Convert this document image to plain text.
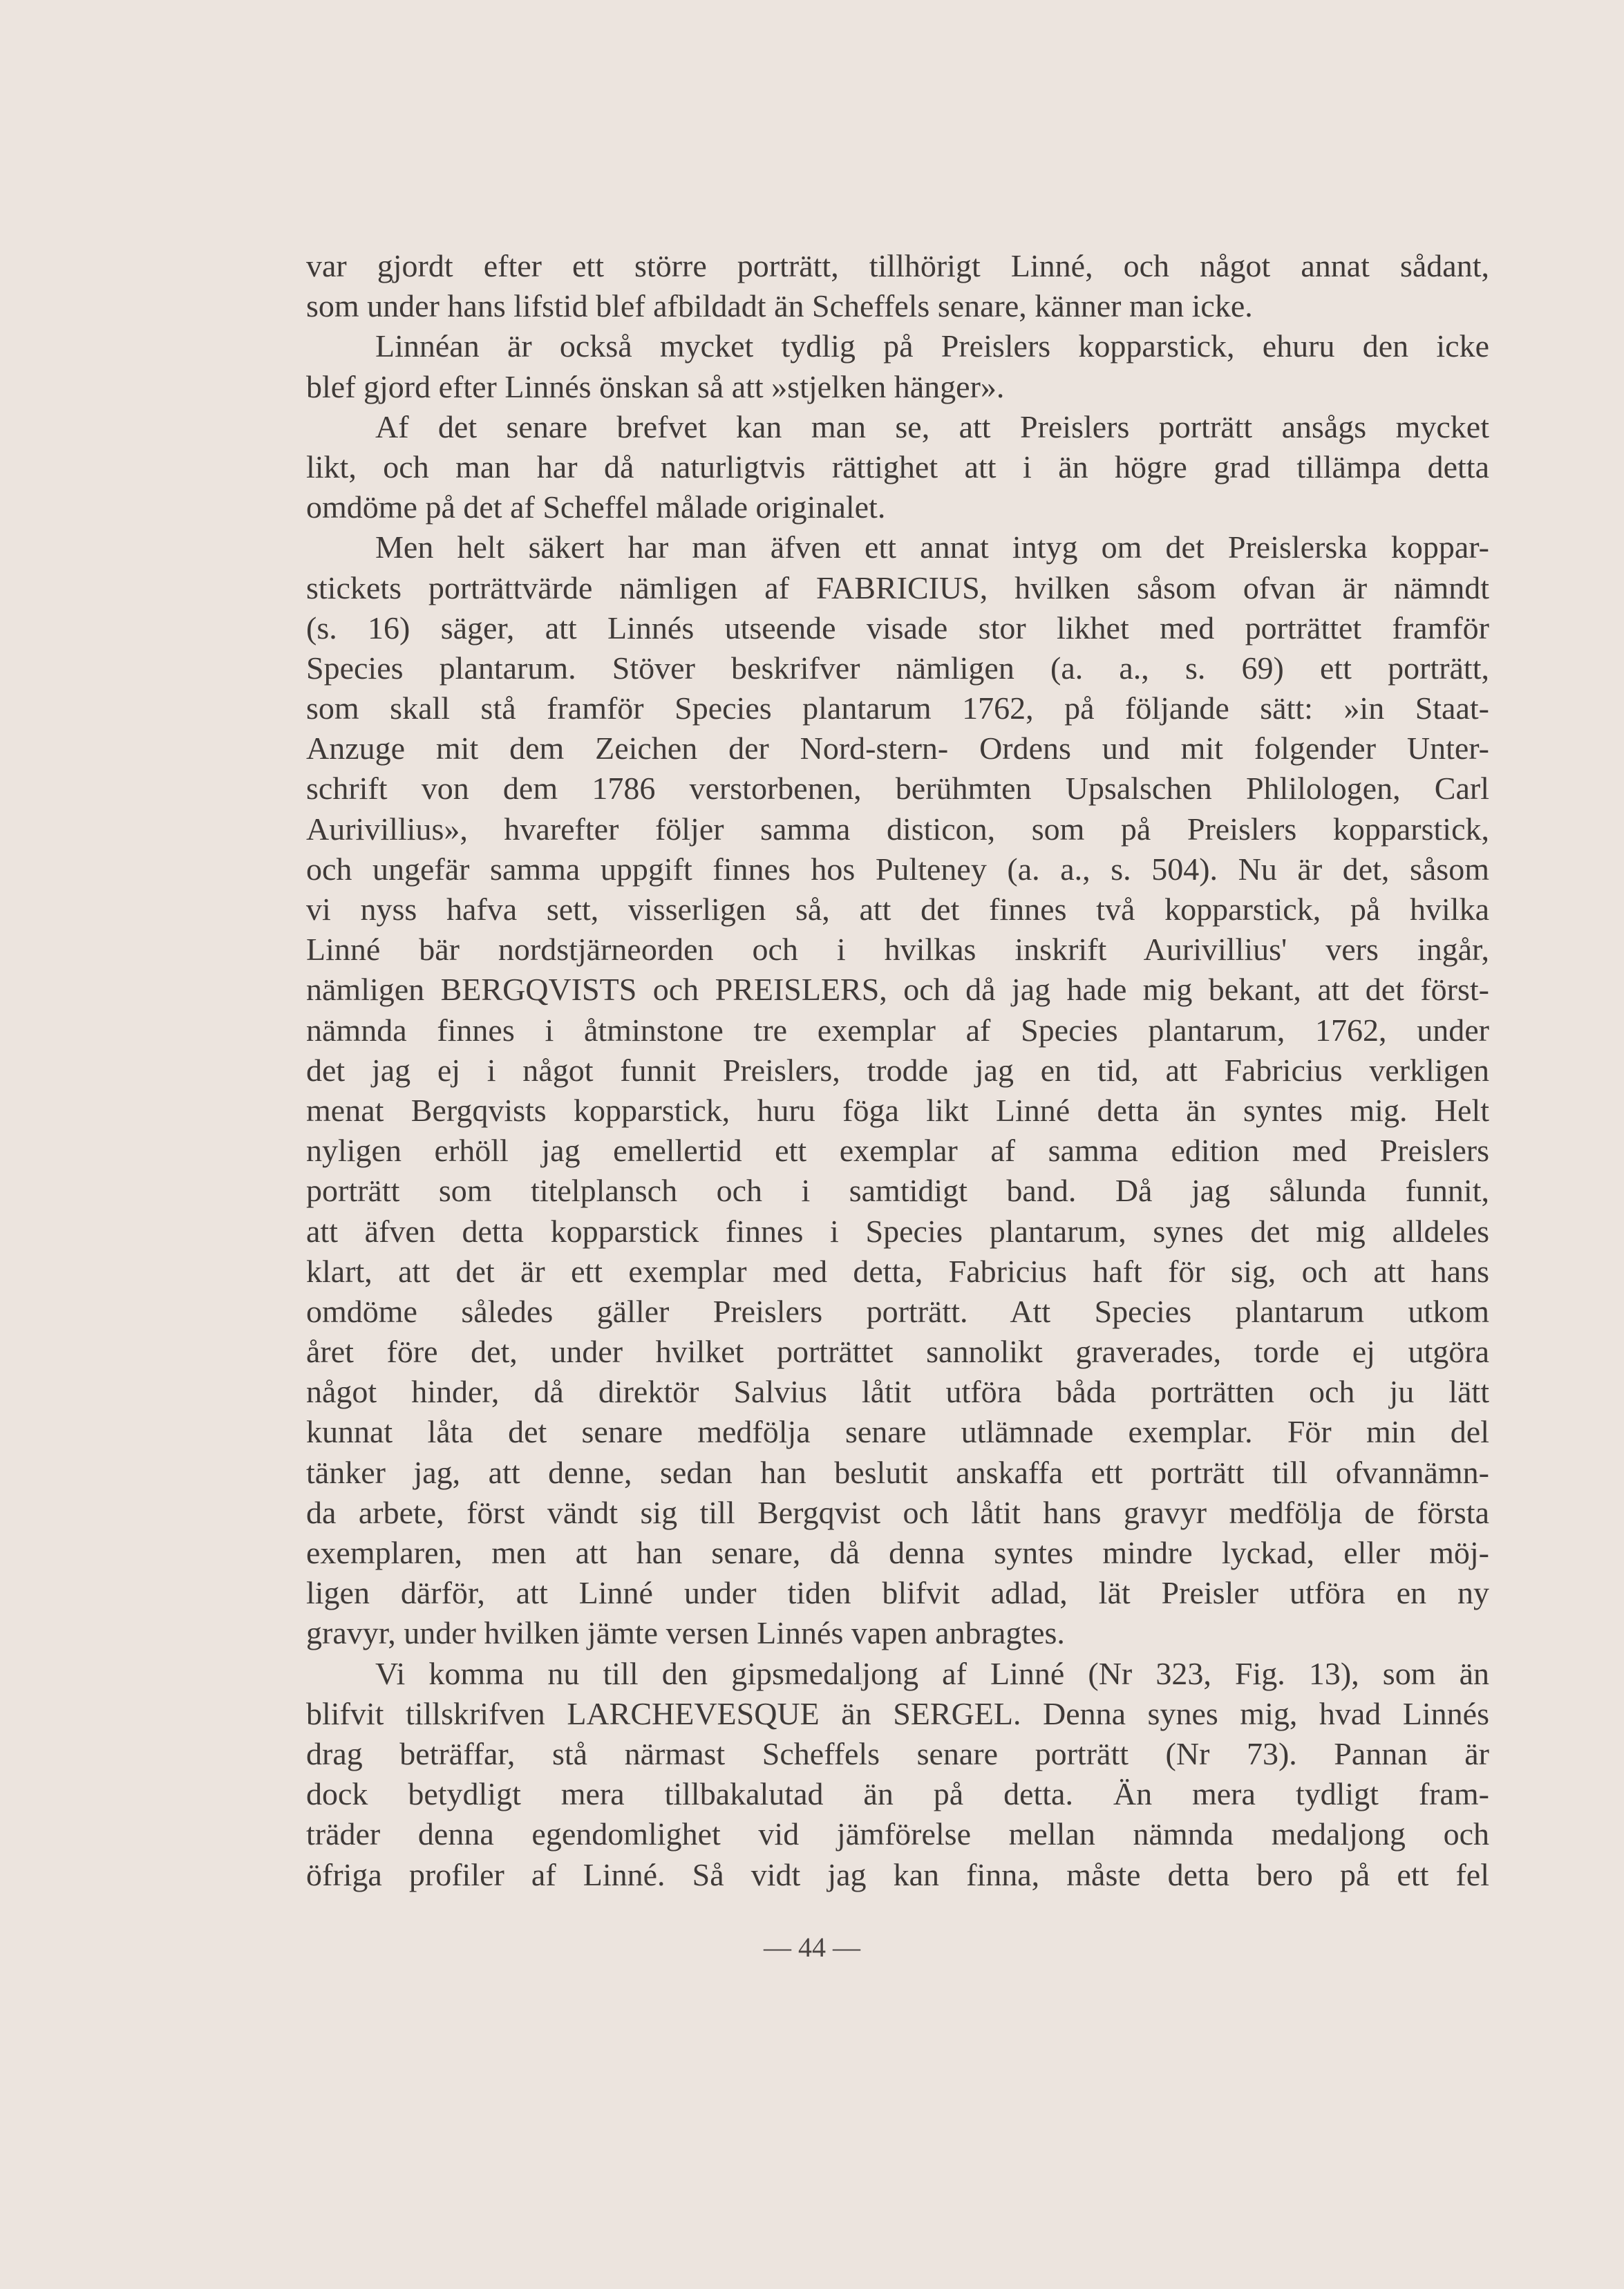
var gjordt efter ett större porträtt, tillhörigt Linné, och något annat sådant,
som under hans lifstid blef afbildadt än Scheffels senare, känner man icke.
Linnéan är också mycket tydlig på Preislers kopparstick, ehuru den icke
blef gjord efter Linnés önskan så att »stjelken hänger».
Af det senare brefvet kan man se, att Preislers porträtt ansågs mycket
likt, och man har då naturligtvis rättighet att i än högre grad tillämpa detta
omdöme på det af Scheffel målade originalet.
Men helt säkert har man äfven ett annat intyg om det Preislerska koppar-
stickets porträttvärde nämligen af FABRICIUS, hvilken såsom ofvan är nämndt
(s. 16) säger, att Linnés utseende visade stor likhet med porträttet framför
Species plantarum. Stöver beskrifver nämligen (a. a., s. 69) ett porträtt,
som skall stå framför Species plantarum 1762, på följande sätt: »in Staat-
Anzuge mit dem Zeichen der Nord-stern- Ordens und mit folgender Unter-
schrift von dem 1786 verstorbenen, berühmten Upsalschen Phlilologen, Carl
Aurivillius», hvarefter följer samma disticon, som på Preislers kopparstick,
och ungefär samma uppgift finnes hos Pulteney (a. a., s. 504). Nu är det, såsom
vi nyss hafva sett, visserligen så, att det finnes två kopparstick, på hvilka
Linné bär nordstjärneorden och i hvilkas inskrift Aurivillius' vers ingår,
nämligen BERGQVISTS och PREISLERS, och då jag hade mig bekant, att det först-
nämnda finnes i åtminstone tre exemplar af Species plantarum, 1762, under
det jag ej i något funnit Preislers, trodde jag en tid, att Fabricius verkligen
menat Bergqvists kopparstick, huru föga likt Linné detta än syntes mig. Helt
nyligen erhöll jag emellertid ett exemplar af samma edition med Preislers
porträtt som titelplansch och i samtidigt band. Då jag sålunda funnit,
att äfven detta kopparstick finnes i Species plantarum, synes det mig alldeles
klart, att det är ett exemplar med detta, Fabricius haft för sig, och att hans
omdöme således gäller Preislers porträtt. Att Species plantarum utkom
året före det, under hvilket porträttet sannolikt graverades, torde ej utgöra
något hinder, då direktör Salvius låtit utföra båda porträtten och ju lätt
kunnat låta det senare medfölja senare utlämnade exemplar. För min del
tänker jag, att denne, sedan han beslutit anskaffa ett porträtt till ofvannämn-
da arbete, först vändt sig till Bergqvist och låtit hans gravyr medfölja de första
exemplaren, men att han senare, då denna syntes mindre lyckad, eller möj-
ligen därför, att Linné under tiden blifvit adlad, lät Preisler utföra en ny
gravyr, under hvilken jämte versen Linnés vapen anbragtes.
Vi komma nu till den gipsmedaljong af Linné (Nr 323, Fig. 13), som än
blifvit tillskrifven LARCHEVESQUE än SERGEL. Denna synes mig, hvad Linnés
drag beträffar, stå närmast Scheffels senare porträtt (Nr 73). Pannan är
dock betydligt mera tillbakalutad än på detta. Än mera tydligt fram-
träder denna egendomlighet vid jämförelse mellan nämnda medaljong och
öfriga profiler af Linné. Så vidt jag kan finna, måste detta bero på ett fel
— 44 —
